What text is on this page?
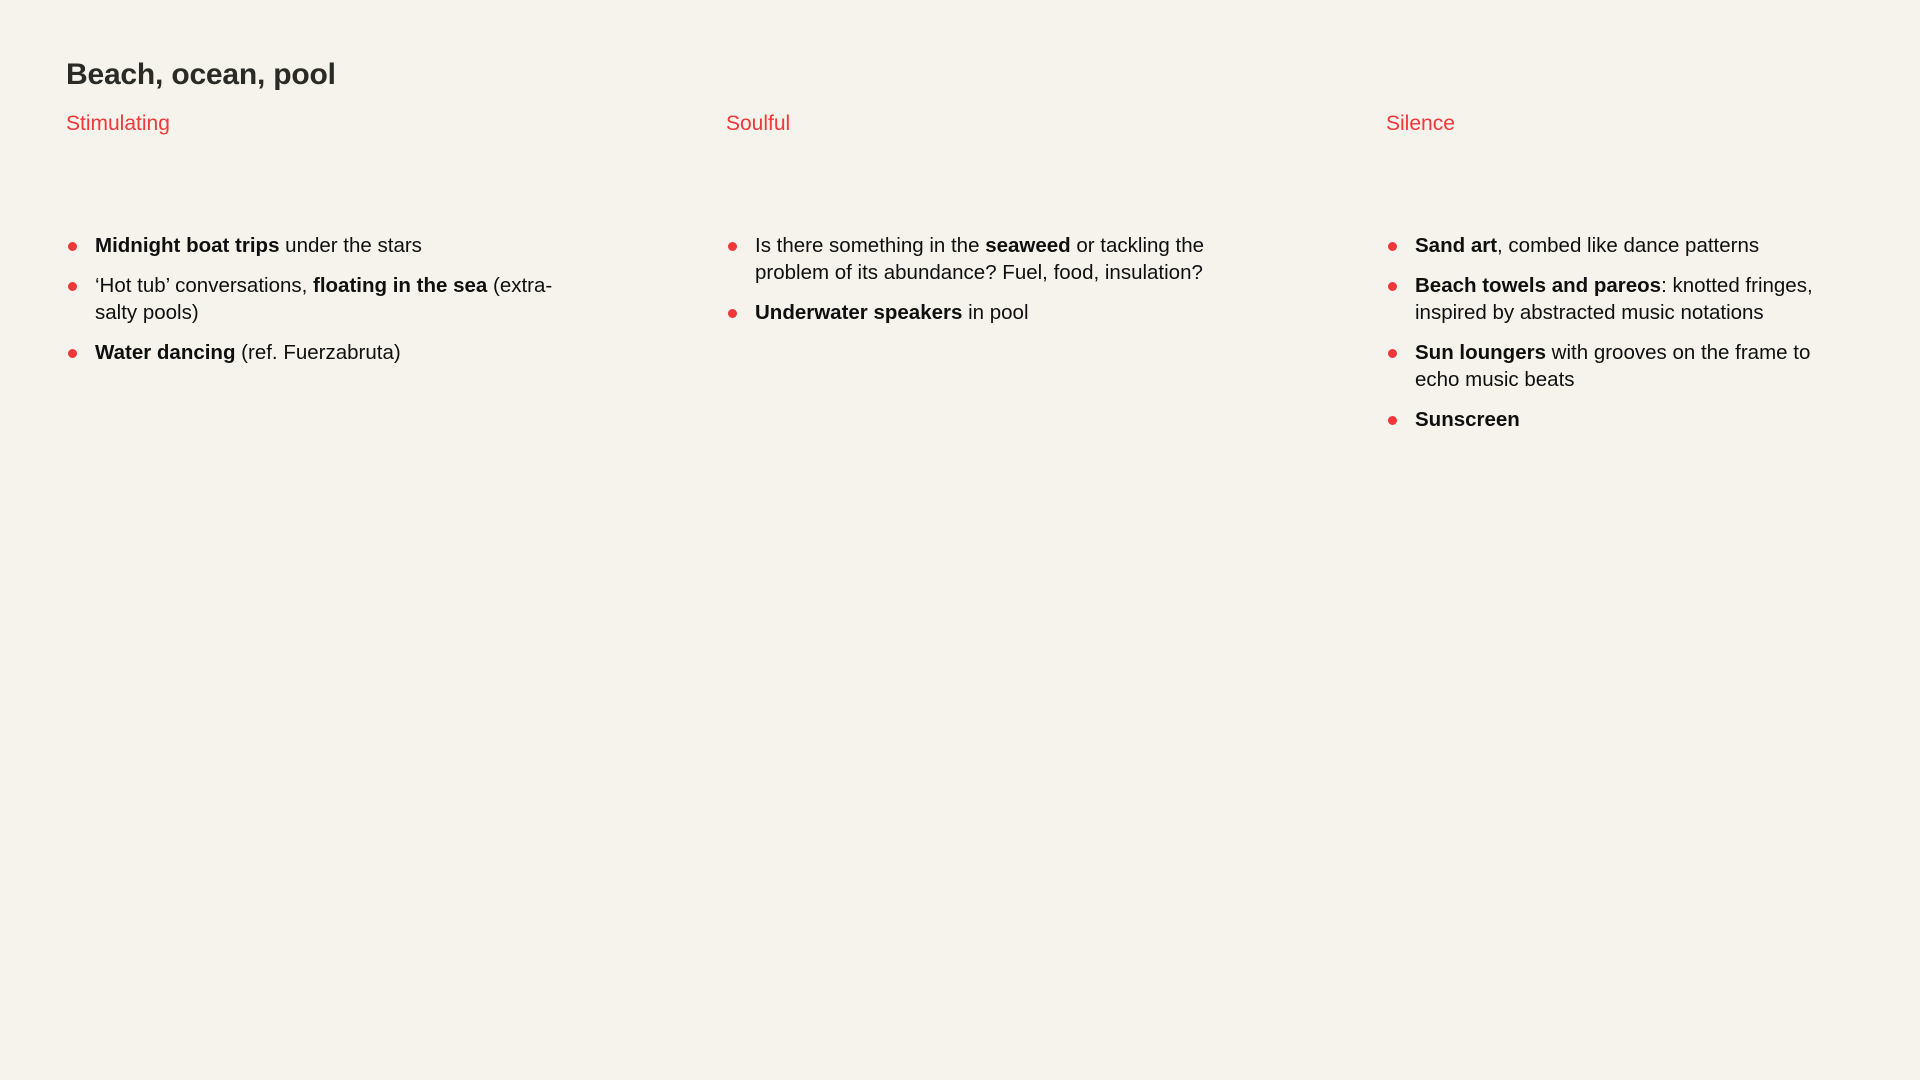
Beach, ocean, pool
Stimulating
Midnight boat trips under the stars
‘Hot tub’ conversations, floating in the sea (extra-salty pools)
Water dancing (ref. Fuerzabruta)
Soulful
Is there something in the seaweed or tackling the problem of its abundance? Fuel, food, insulation?
Underwater speakers in pool
Silence
Sand art, combed like dance patterns
Beach towels and pareos: knotted fringes, inspired by abstracted music notations
Sun loungers with grooves on the frame to echo music beats
Sunscreen
